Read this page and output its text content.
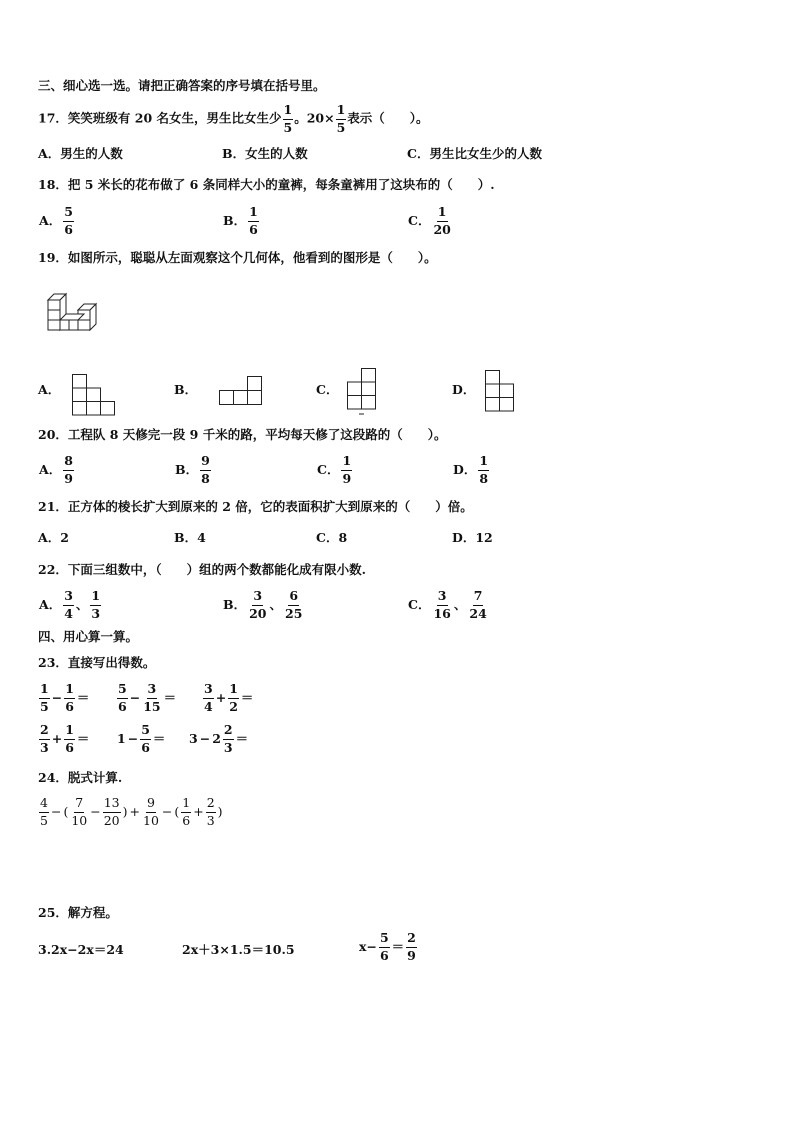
三、细心选一选。请把正确答案的序号填在括号里。
17．笑笑班级有 20 名女生，男生比女生少 $\frac{1}{5}$ 。$20\times \frac{1}{5}$ 表示（　　）。
A．男生的人数	B．女生的人数	C．男生比女生少的人数
18．把 5 米长的花布做了 6 条同样大小的童裤，每条童裤用了这块布的（　　）.
A． $\frac{5}{6}$	B． $\frac{1}{6}$	C． $\frac{1}{20}$
19．如图所示，聪聪从左面观察这个几何体，他看到的图形是（　　）。
A．	B．	C．	D．
20．工程队 8 天修完一段 9 千米的路，平均每天修了这段路的（　　）。
A． $\frac{8}{9}$	B． $\frac{9}{8}$	C． $\frac{1}{9}$	D． $\frac{1}{8}$
21．正方体的棱长扩大到原来的 2 倍，它的表面积扩大到原来的（　　）倍。
A．2	B．4	C．8	D．12
22．下面三组数中，（　　）组的两个数都能化成有限小数.
A． $\frac{3}{4}$ 、 $\frac{1}{3}$	B． $\frac{3}{20}$ 、 $\frac{6}{25}$	C． $\frac{3}{16}$ 、 $\frac{7}{24}$
四、用心算一算。
23．直接写出得数。
$\frac{1}{5} - \frac{1}{6} = \frac{5}{6} - \frac{3}{15} = \frac{3}{4} + \frac{1}{2}$ ＝
$\frac{2}{3} + \frac{1}{6} = 1 - \frac{5}{6} = 3 - 2 \frac{2}{3}$ ＝
24．脱式计算.
$\frac{4}{5}$ − ( $\frac{7}{10} - \frac{13}{20}$ ) + $\frac{9}{10}$ − ( $\frac{1}{6} + \frac{2}{3}$ )
25．解方程。
3.2x−2x＝24	2x＋3×1.5＝10.5	$x- \frac{5}{6} = \frac{2}{9}$
